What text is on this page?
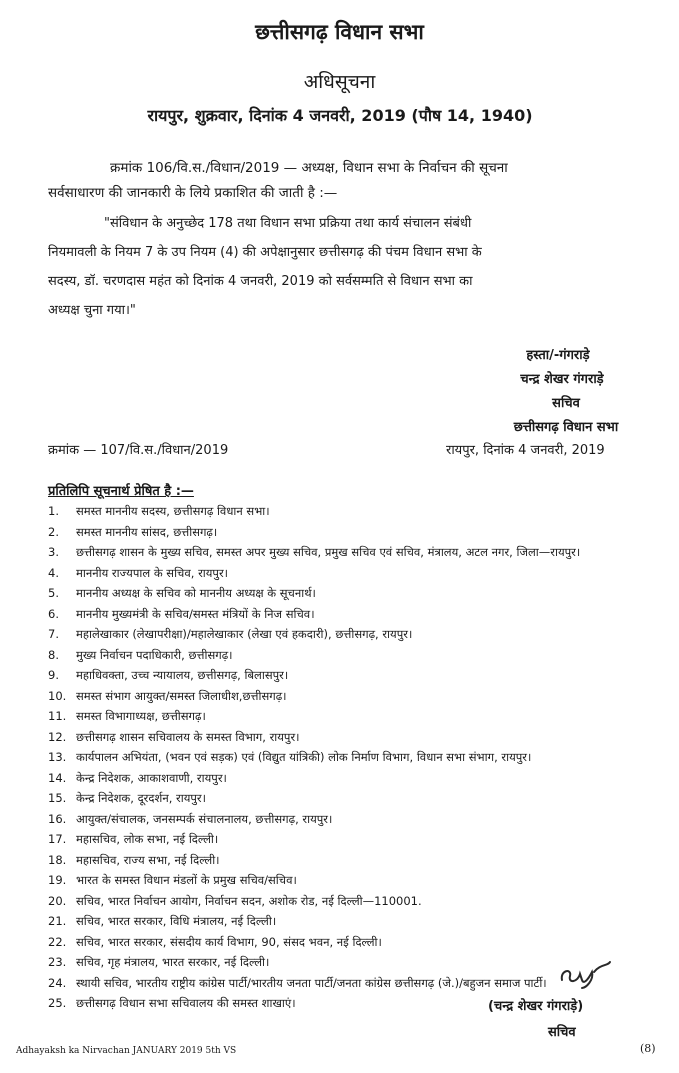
छत्तीसगढ़ विधान सभा
अधिसूचना
रायपुर, शुक्रवार, दिनांक 4 जनवरी, 2019 (पौष 14, 1940)
क्रमांक 106/वि.स./विधान/2019 — अध्यक्ष, विधान सभा के निर्वाचन की सूचना
सर्वसाधारण की जानकारी के लिये प्रकाशित की जाती है :—
"संविधान के अनुच्छेद 178 तथा विधान सभा प्रक्रिया तथा कार्य संचालन संबंधी
नियमावली के नियम 7 के उप नियम (4) की अपेक्षानुसार छत्तीसगढ़ की पंचम विधान सभा के
सदस्य, डॉ. चरणदास महंत को दिनांक 4 जनवरी, 2019 को सर्वसम्मति से विधान सभा का
अध्यक्ष चुना गया।"
हस्ता/-गंगराड़े
चन्द्र शेखर गंगराड़े
सचिव
छत्तीसगढ़ विधान सभा
क्रमांक — 107/वि.स./विधान/2019	रायपुर, दिनांक 4 जनवरी, 2019
प्रतिलिपि सूचनार्थ प्रेषित है :—
1. समस्त माननीय सदस्य, छत्तीसगढ़ विधान सभा।
2. समस्त माननीय सांसद, छत्तीसगढ़।
3. छत्तीसगढ़ शासन के मुख्य सचिव, समस्त अपर मुख्य सचिव, प्रमुख सचिव एवं सचिव, मंत्रालय, अटल नगर, जिला—रायपुर।
4. माननीय राज्यपाल के सचिव, रायपुर।
5. माननीय अध्यक्ष के सचिव को माननीय अध्यक्ष के सूचनार्थ।
6. माननीय मुख्यमंत्री के सचिव/समस्त मंत्रियों के निज सचिव।
7. महालेखाकार (लेखापरीक्षा)/महालेखाकार (लेखा एवं हकदारी), छत्तीसगढ़, रायपुर।
8. मुख्य निर्वाचन पदाधिकारी, छत्तीसगढ़।
9. महाधिवक्ता, उच्च न्यायालय, छत्तीसगढ़, बिलासपुर।
10. समस्त संभाग आयुक्त/समस्त जिलाधीश,छत्तीसगढ़।
11. समस्त विभागाध्यक्ष, छत्तीसगढ़।
12. छत्तीसगढ़ शासन सचिवालय के समस्त विभाग, रायपुर।
13. कार्यपालन अभियंता, (भवन एवं सड़क) एवं (विद्युत यांत्रिकी) लोक निर्माण विभाग, विधान सभा संभाग, रायपुर।
14. केन्द्र निदेशक, आकाशवाणी, रायपुर।
15. केन्द्र निदेशक, दूरदर्शन, रायपुर।
16. आयुक्त/संचालक, जनसम्पर्क संचालनालय, छत्तीसगढ़, रायपुर।
17. महासचिव, लोक सभा, नई दिल्ली।
18. महासचिव, राज्य सभा, नई दिल्ली।
19. भारत के समस्त विधान मंडलों के प्रमुख सचिव/सचिव।
20. सचिव, भारत निर्वाचन आयोग, निर्वाचन सदन, अशोक रोड, नई दिल्ली—110001.
21. सचिव, भारत सरकार, विधि मंत्रालय, नई दिल्ली।
22. सचिव, भारत सरकार, संसदीय कार्य विभाग, 90, संसद भवन, नई दिल्ली।
23. सचिव, गृह मंत्रालय, भारत सरकार, नई दिल्ली।
24. स्थायी सचिव, भारतीय राष्ट्रीय कांग्रेस पार्टी/भारतीय जनता पार्टी/जनता कांग्रेस छत्तीसगढ़ (जे.)/बहुजन समाज पार्टी।
25. छत्तीसगढ़ विधान सभा सचिवालय की समस्त शाखाएं।	(चन्द्र शेखर गंगराड़े)
सचिव
Adhayaksh ka Nirvachan JANUARY 2019 5th VS	(8)
